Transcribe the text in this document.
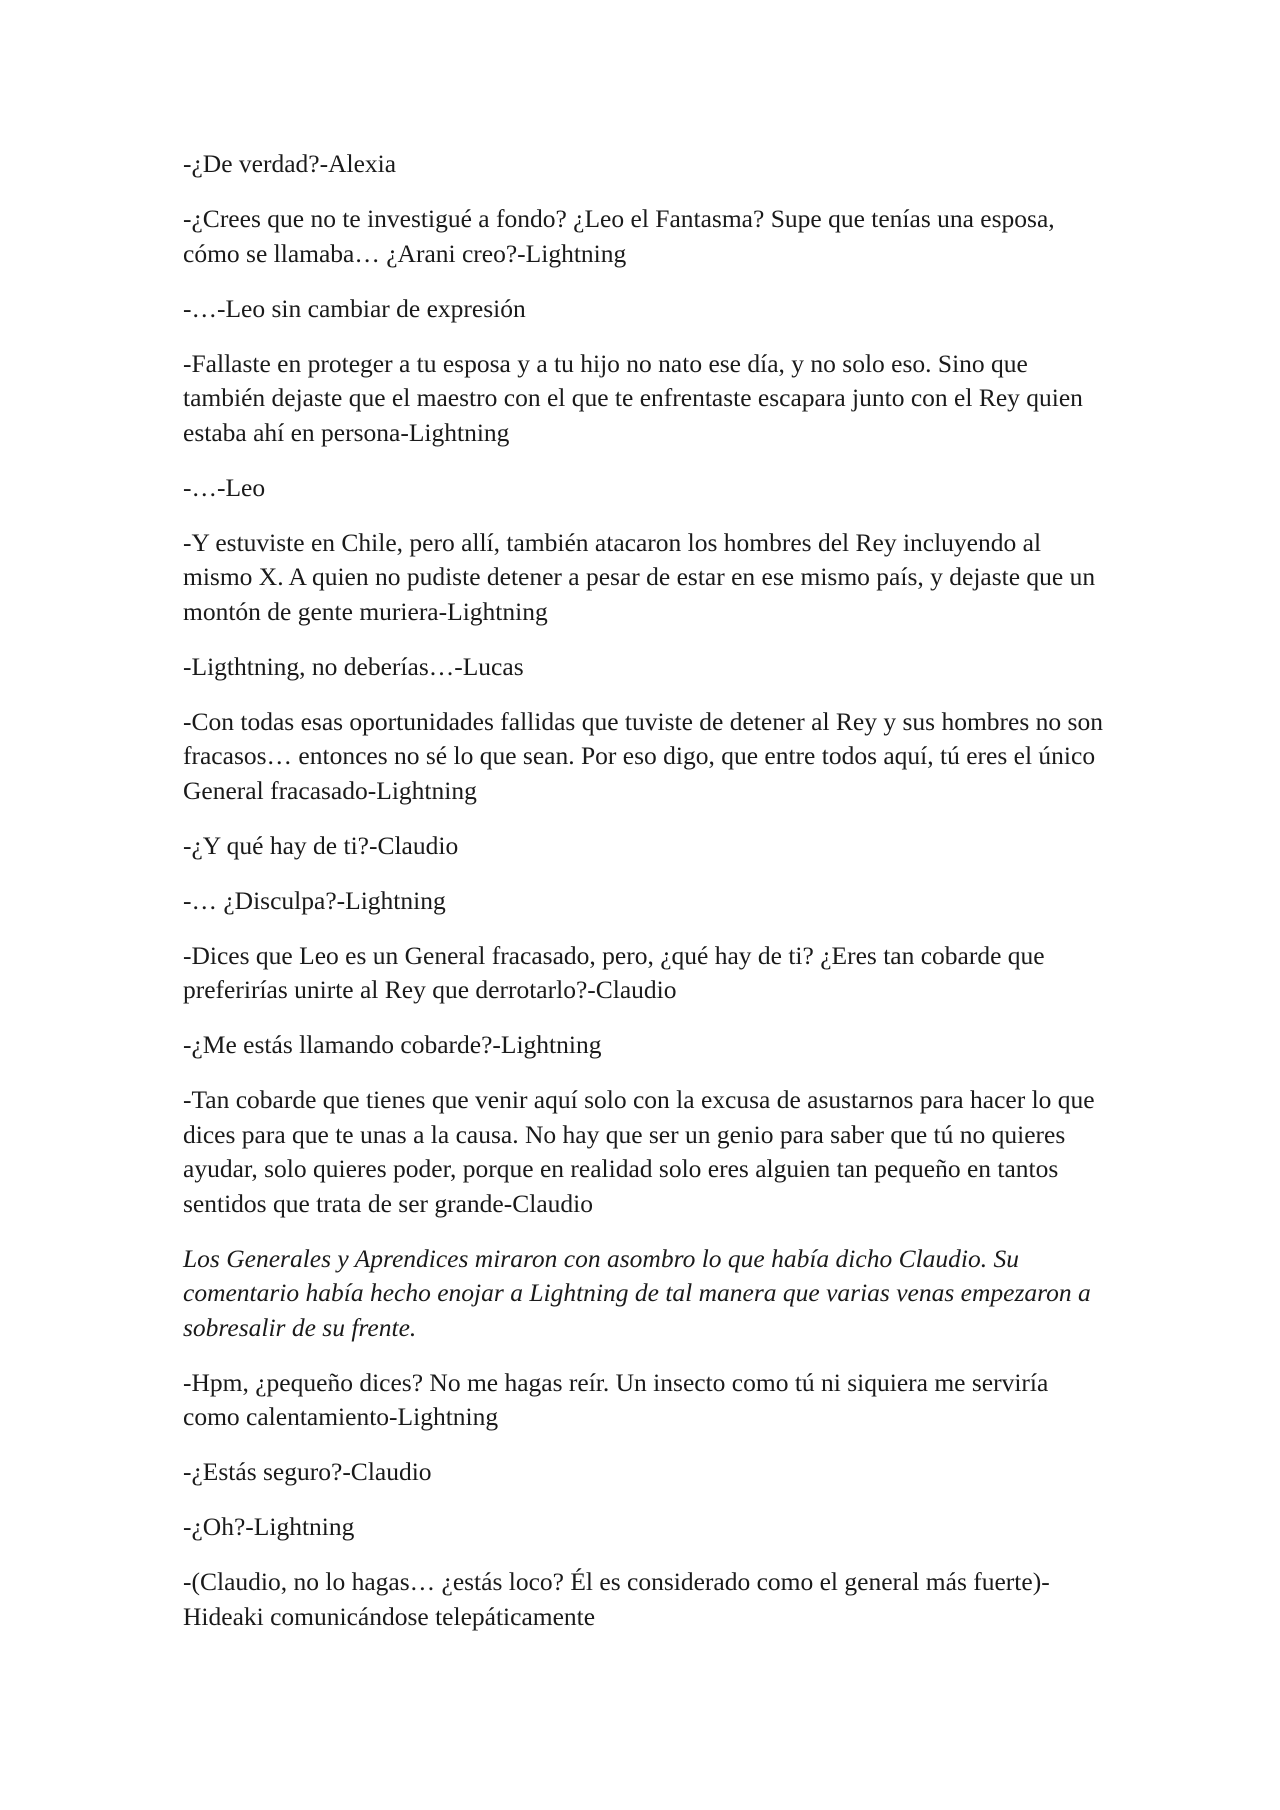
-¿De verdad?-Alexia

-¿Crees que no te investigué a fondo? ¿Leo el Fantasma? Supe que tenías una esposa, cómo se llamaba… ¿Arani creo?-Lightning

-…-Leo sin cambiar de expresión

-Fallaste en proteger a tu esposa y a tu hijo no nato ese día, y no solo eso. Sino que también dejaste que el maestro con el que te enfrentaste escapara junto con el Rey quien estaba ahí en persona-Lightning

-…-Leo

-Y estuviste en Chile, pero allí, también atacaron los hombres del Rey incluyendo al mismo X. A quien no pudiste detener a pesar de estar en ese mismo país, y dejaste que un montón de gente muriera-Lightning

-Ligthtning, no deberías…-Lucas

-Con todas esas oportunidades fallidas que tuviste de detener al Rey y sus hombres no son fracasos… entonces no sé lo que sean. Por eso digo, que entre todos aquí, tú eres el único General fracasado-Lightning

-¿Y qué hay de ti?-Claudio

-… ¿Disculpa?-Lightning

-Dices que Leo es un General fracasado, pero, ¿qué hay de ti? ¿Eres tan cobarde que preferirías unirte al Rey que derrotarlo?-Claudio

-¿Me estás llamando cobarde?-Lightning

-Tan cobarde que tienes que venir aquí solo con la excusa de asustarnos para hacer lo que dices para que te unas a la causa. No hay que ser un genio para saber que tú no quieres ayudar, solo quieres poder, porque en realidad solo eres alguien tan pequeño en tantos sentidos que trata de ser grande-Claudio

Los Generales y Aprendices miraron con asombro lo que había dicho Claudio. Su comentario había hecho enojar a Lightning de tal manera que varias venas empezaron a sobresalir de su frente.

-Hpm, ¿pequeño dices? No me hagas reír. Un insecto como tú ni siquiera me serviría como calentamiento-Lightning

-¿Estás seguro?-Claudio

-¿Oh?-Lightning

-(Claudio, no lo hagas… ¿estás loco? Él es considerado como el general más fuerte)-Hideaki comunicándose telepáticamente
